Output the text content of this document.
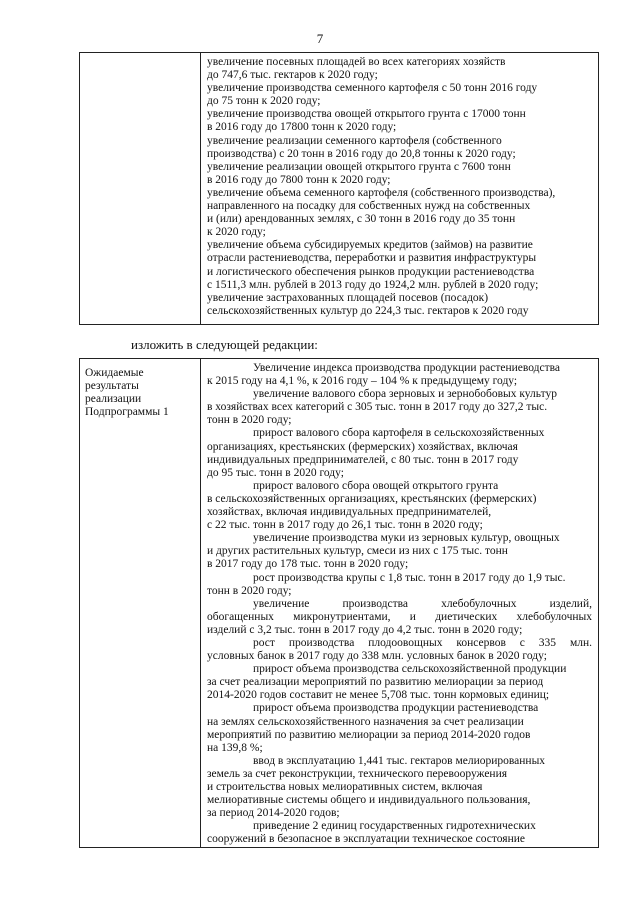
7
увеличение посевных площадей во всех категориях хозяйств
до 747,6 тыс. гектаров к 2020 году;
увеличение производства семенного картофеля с 50 тонн 2016 году
до 75 тонн к 2020 году;
увеличение производства овощей открытого грунта с 17000 тонн
в 2016 году до 17800 тонн к 2020 году;
увеличение реализации семенного картофеля (собственного
производства) с 20 тонн в 2016 году до 20,8 тонны к 2020 году;
увеличение реализации овощей открытого грунта с 7600 тонн
в 2016 году до 7800 тонн к 2020 году;
увеличение объема семенного картофеля (собственного производства),
направленного на посадку для собственных нужд на собственных
и (или) арендованных землях, с 30 тонн в 2016 году до 35 тонн
к 2020 году;
увеличение объема субсидируемых кредитов (займов) на развитие
отрасли растениеводства, переработки и развития инфраструктуры
и логистического обеспечения рынков продукции растениеводства
с 1511,3 млн. рублей в 2013 году до 1924,2 млн. рублей в 2020 году;
увеличение застрахованных площадей посевов (посадок)
сельскохозяйственных культур до 224,3 тыс. гектаров к 2020 году
изложить в следующей редакции:
Ожидаемые
результаты
реализации
Подпрограммы 1
Увеличение индекса производства продукции растениеводства
к 2015 году на 4,1 %, к 2016 году – 104 % к предыдущему году;
увеличение валового сбора зерновых и зернобобовых культур
в хозяйствах всех категорий с 305 тыс. тонн в 2017 году до 327,2 тыс.
тонн в 2020 году;
прирост валового сбора картофеля в сельскохозяйственных
организациях, крестьянских (фермерских) хозяйствах, включая
индивидуальных предпринимателей, с 80 тыс. тонн в 2017 году
до 95 тыс. тонн в 2020 году;
прирост валового сбора овощей открытого грунта
в сельскохозяйственных организациях, крестьянских (фермерских)
хозяйствах, включая индивидуальных предпринимателей,
с 22 тыс. тонн в 2017 году до 26,1 тыс. тонн в 2020 году;
увеличение производства муки из зерновых культур, овощных
и других растительных культур, смеси из них с 175 тыс. тонн
в 2017 году до 178 тыс. тонн в 2020 году;
рост производства крупы с 1,8 тыс. тонн в 2017 году до 1,9 тыс.
тонн в 2020 году;
увеличение производства хлебобулочных изделий,
обогащенных микронутриентами, и диетических хлебобулочных
изделий с 3,2 тыс. тонн в 2017 году до 4,2 тыс. тонн в 2020 году;
рост производства плодоовощных консервов с 335 млн.
условных банок в 2017 году до 338 млн. условных банок в 2020 году;
прирост объема производства сельскохозяйственной продукции
за счет реализации мероприятий по развитию мелиорации за период
2014-2020 годов составит не менее 5,708 тыс. тонн кормовых единиц;
прирост объема производства продукции растениеводства
на землях сельскохозяйственного назначения за счет реализации
мероприятий по развитию мелиорации за период 2014-2020 годов
на 139,8 %;
ввод в эксплуатацию 1,441 тыс. гектаров мелиорированных
земель за счет реконструкции, технического перевооружения
и строительства новых мелиоративных систем, включая
мелиоративные системы общего и индивидуального пользования,
за период 2014-2020 годов;
приведение 2 единиц государственных гидротехнических
сооружений в безопасное в эксплуатации техническое состояние
